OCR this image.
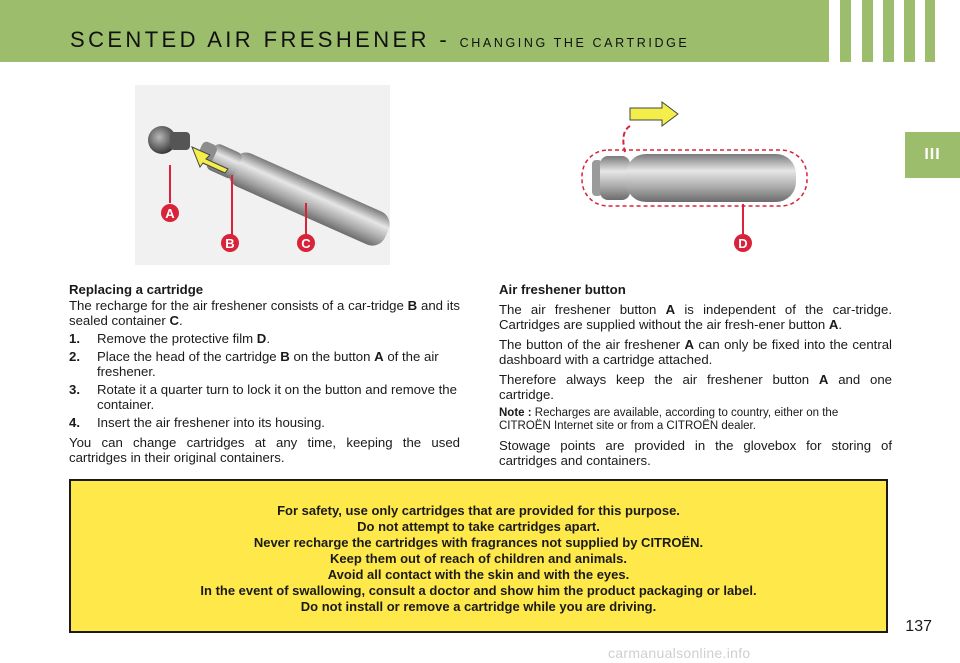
SCENTED AIR FRESHENER - CHANGING THE CARTRIDGE
III
A
B	C	D

Replacing a cartridge

The recharge for the air freshener consists of a car-tridge B and its sealed container C.

1. Remove the protective film D.
2. Place the head of the cartridge B on the button A of the air freshener.
3. Rotate it a quarter turn to lock it on the button and remove the container.
4. Insert the air freshener into its housing.

You can change cartridges at any time, keeping the used cartridges in their original containers.

Air freshener button

The air freshener button A is independent of the car-tridge. Cartridges are supplied without the air fresh-ener button A.

The button of the air freshener A can only be fixed into the central dashboard with a cartridge attached.

Therefore always keep the air freshener button A and one cartridge.

Note : Recharges are available, according to country, either on the CITROËN Internet site or from a CITROËN dealer.

Stowage points are provided in the glovebox for storing of cartridges and containers.

For safety, use only cartridges that are provided for this purpose.
Do not attempt to take cartridges apart.
Never recharge the cartridges with fragrances not supplied by CITROËN.
Keep them out of reach of children and animals.
Avoid all contact with the skin and with the eyes.
In the event of swallowing, consult a doctor and show him the product packaging or label.
Do not install or remove a cartridge while you are driving.
137
carmanualsonline.info
